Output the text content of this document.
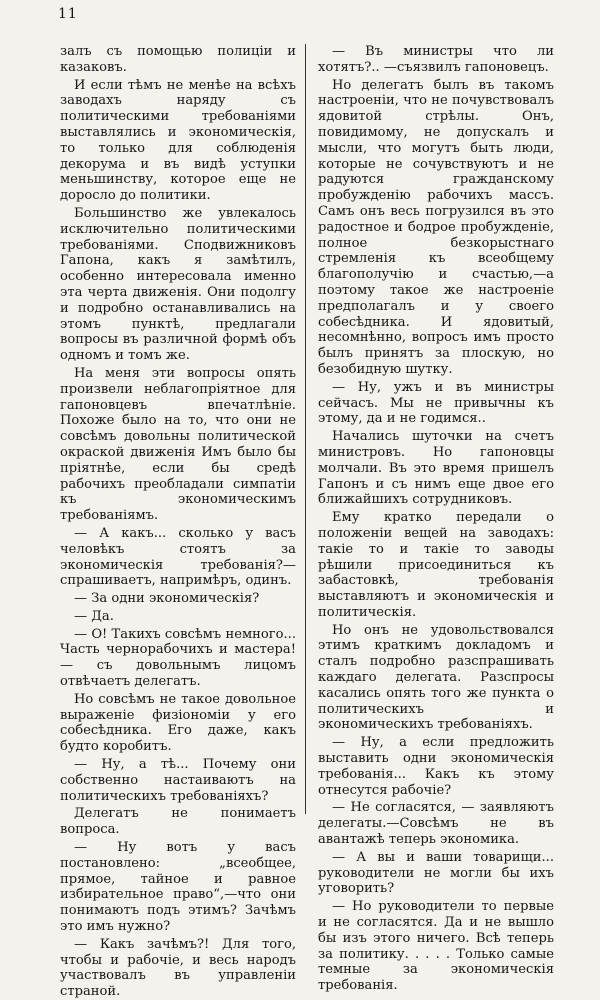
11

залъ съ помощью полиціи и казаковъ.

И если тѣмъ не менѣе на всѣхъ заводахъ наряду съ политическими требованіями выставлялись и экономическія, то только для соблюденія декорума и въ видѣ уступки меньшинству, которое еще не доросло до политики.

Большинство же увлекалось исключительно политическими требованіями. Сподвижниковъ Гапона, какъ я замѣтилъ, особенно интересовала именно эта черта движенія. Они подолгу и подробно останавливались на этомъ пунктѣ, предлагали вопросы въ различной формѣ объ одномъ и томъ же.

На меня эти вопросы опять произвели неблагопріятное для гапоновцевъ впечатлѣніе. Похоже было на то, что они не совсѣмъ довольны политической окраской движенія Имъ было бы пріятнѣе, если бы средѣ рабочихъ преобладали симпатіи къ экономическимъ требованіямъ.

— А какъ... сколько у васъ человѣкъ стоятъ за экономическія требованія?—спрашиваетъ, напримѣръ, одинъ.

— За одни экономическія?

— Да.

— О! Такихъ совсѣмъ немного... Часть чернорабочихъ и мастера!— съ довольнымъ лицомъ отвѣчаетъ делегатъ.

Но совсѣмъ не такое довольное выраженіе физіономіи у его собесѣдника. Его даже, какъ будто коробитъ.

— Ну, а тѣ... Почему они собственно настаиваютъ на политическихъ требованіяхъ?

Делегатъ не понимаетъ вопроса.

— Ну вотъ у васъ постановлено: „всеобщее, прямое, тайное и равное избирательное право“,—что они понимаютъ подъ этимъ? Зачѣмъ это имъ нужно?

— Какъ зачѣмъ?! Для того, чтобы и рабочіе, и весь народъ участвовалъ въ управленіи страной.

— Въ министры что ли хотятъ?.. —съязвилъ гапоновецъ.

Но делегатъ былъ въ такомъ настроеніи, что не почувствовалъ ядовитой стрѣлы. Онъ, повидимому, не допускалъ и мысли, что могутъ быть люди, которые не сочувствуютъ и не радуются гражданскому пробужденію рабочихъ массъ. Самъ онъ весь погрузился въ это радостное и бодрое пробужденіе, полное безкорыстнаго стремленія къ всеобщему благополучію и счастью,—а поэтому такое же настроеніе предполагалъ и у своего собесѣдника. И ядовитый, несомнѣнно, вопросъ имъ просто былъ принятъ за плоскую, но безобидную шутку.

— Ну, ужъ и въ министры сейчасъ. Мы не привычны къ этому, да и не годимся..

Начались шуточки на счетъ министровъ. Но гапоновцы молчали. Въ это время пришелъ Гапонъ и съ нимъ еще двое его ближайшихъ сотрудниковъ.

Ему кратко передали о положеніи вещей на заводахъ: такіе то и такіе то заводы рѣшили присоединиться къ забастовкѣ, требованія выставляютъ и экономическія и политическія.

Но онъ не удовольствовался этимъ краткимъ докладомъ и сталъ подробно разспрашивать каждаго делегата. Разспросы касались опять того же пункта о политическихъ и экономическихъ требованіяхъ.

— Ну, а если предложить выставить одни экономическія требованія... Какъ къ этому отнесутся рабочіе?

— Не согласятся, — заявляютъ делегаты.—Совсѣмъ не въ авантажѣ теперь экономика.

— А вы и ваши товарищи... руководители не могли бы ихъ уговорить?

— Но руководители то первые и не согласятся. Да и не вышло бы изъ этого ничего. Всѣ теперь за политику. . . . . Только самые темные за экономическія требованія.
